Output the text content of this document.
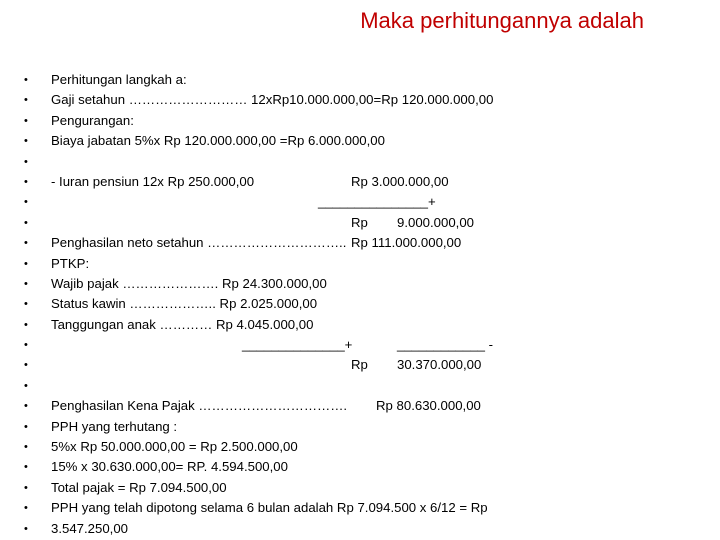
Maka perhitungannya adalah
•	Perhitungan langkah a:
•	Gaji setahun ……………………… 12xRp10.000.000,00=Rp 120.000.000,00
•	Pengurangan:
•	Biaya jabatan 5%x Rp 120.000.000,00 =Rp 6.000.000,00
•
•	- Iuran pensiun 12x Rp 250.000,00	Rp 3.000.000,00
•	_______________+
•	Rp 9.000.000,00
•	Penghasilan neto setahun ………………………….. Rp 111.000.000,00
•	PTKP:
•	Wajib pajak …………………. Rp 24.300.000,00
•	Status kawin ……………….. Rp 2.025.000,00
•	Tanggungan anak ………… Rp 4.045.000,00
•	______________+	____________ -
•	Rp 30.370.000,00
•
•	Penghasilan Kena Pajak ……………………………. Rp 80.630.000,00
•	PPH yang terhutang :
•	5%x Rp 50.000.000,00 = Rp 2.500.000,00
•	15% x 30.630.000,00= RP. 4.594.500,00
•	Total pajak = Rp 7.094.500,00
•	PPH yang telah dipotong selama 6 bulan adalah Rp 7.094.500 x 6/12 = Rp
•	3.547.250,00
